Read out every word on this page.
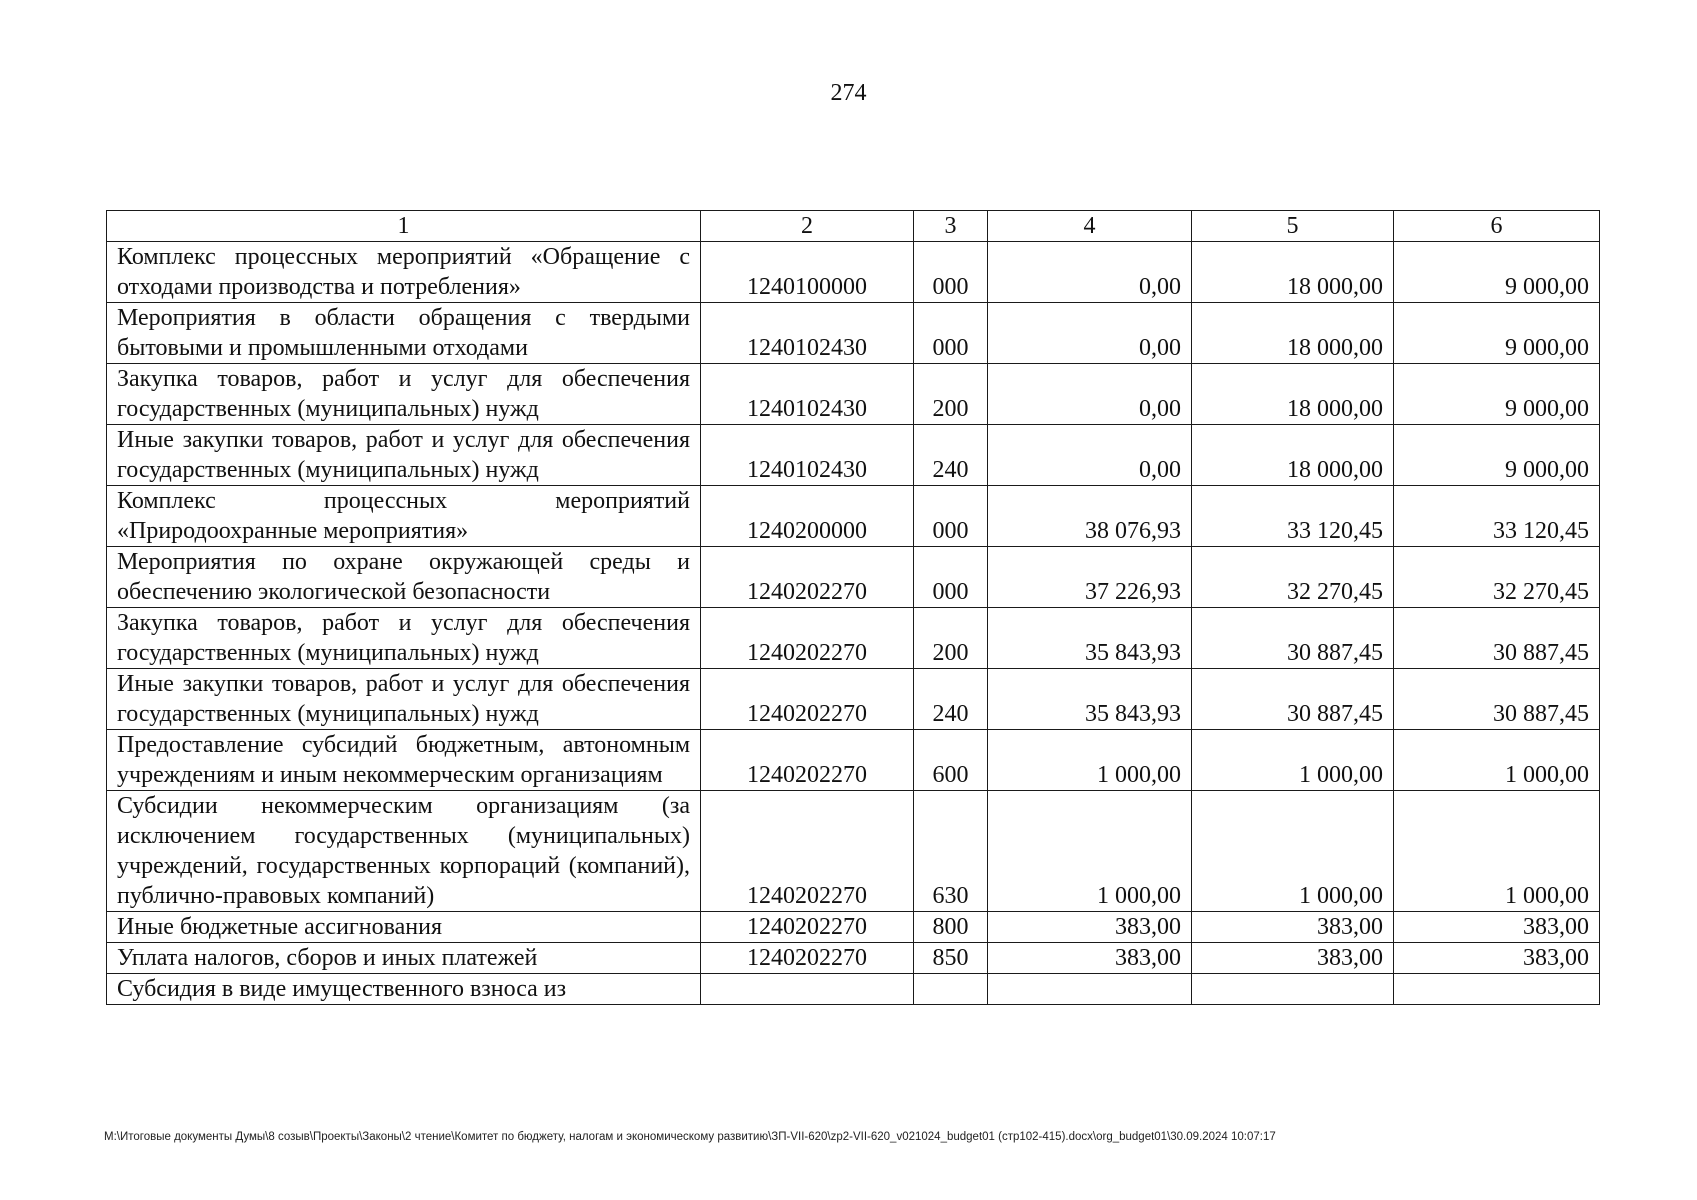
274
1	2	3	4	5	6
Комплекс процессных мероприятий «Обращение с отходами производства и потребления»	1240100000	000	0,00	18 000,00	9 000,00
Мероприятия в области обращения с твердыми бытовыми и промышленными отходами	1240102430	000	0,00	18 000,00	9 000,00
Закупка товаров, работ и услуг для обеспечения государственных (муниципальных) нужд	1240102430	200	0,00	18 000,00	9 000,00
Иные закупки товаров, работ и услуг для обеспечения государственных (муниципальных) нужд	1240102430	240	0,00	18 000,00	9 000,00
Комплекс процессных мероприятий «Природоохранные мероприятия»	1240200000	000	38 076,93	33 120,45	33 120,45
Мероприятия по охране окружающей среды и обеспечению экологической безопасности	1240202270	000	37 226,93	32 270,45	32 270,45
Закупка товаров, работ и услуг для обеспечения государственных (муниципальных) нужд	1240202270	200	35 843,93	30 887,45	30 887,45
Иные закупки товаров, работ и услуг для обеспечения государственных (муниципальных) нужд	1240202270	240	35 843,93	30 887,45	30 887,45
Предоставление субсидий бюджетным, автономным учреждениям и иным некоммерческим организациям	1240202270	600	1 000,00	1 000,00	1 000,00
Субсидии некоммерческим организациям (за исключением государственных (муниципальных) учреждений, государственных корпораций (компаний), публично-правовых компаний)	1240202270	630	1 000,00	1 000,00	1 000,00
Иные бюджетные ассигнования	1240202270	800	383,00	383,00	383,00
Уплата налогов, сборов и иных платежей	1240202270	850	383,00	383,00	383,00
Субсидия в виде имущественного взноса из					
M:\Итоговые документы Думы\8 созыв\Проекты\Законы\2 чтение\Комитет по бюджету, налогам и экономическому развитию\ЗП-VII-620\zp2-VII-620_v021024_budget01 (стр102-415).docx\org_budget01\30.09.2024 10:07:17
